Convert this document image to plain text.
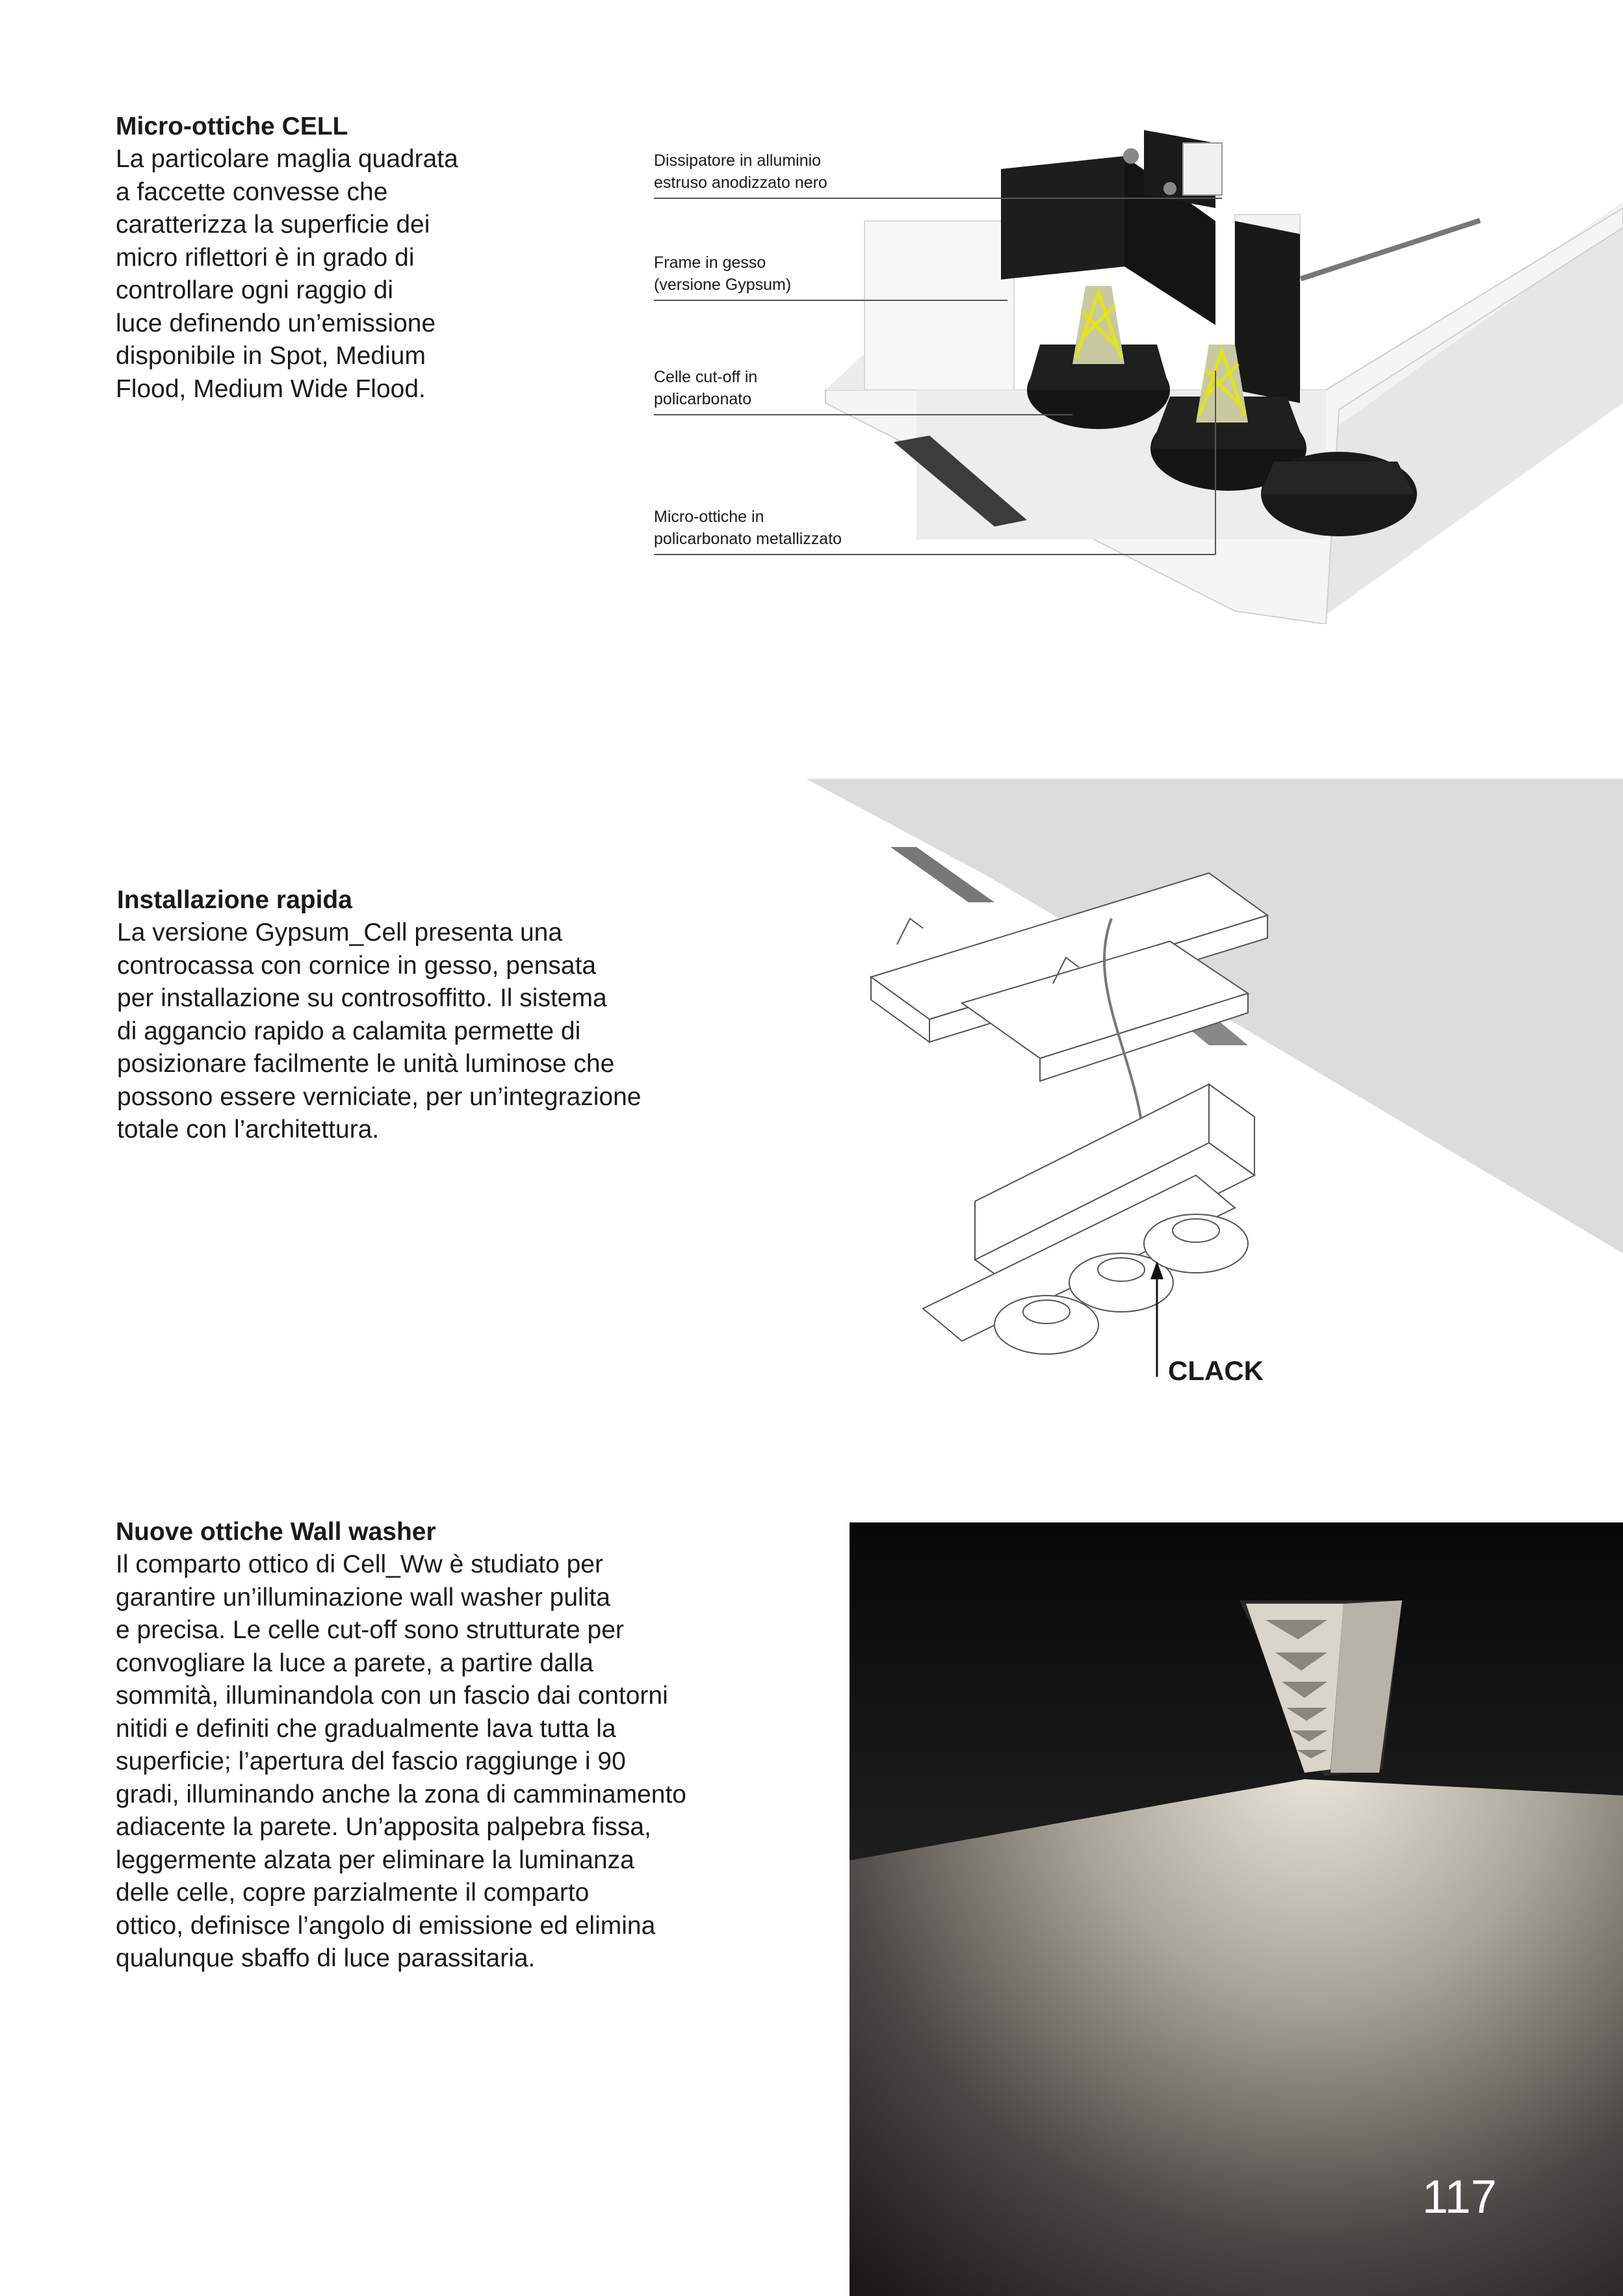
Micro-ottiche CELL

La particolare maglia quadrata
a faccette convesse che
caratterizza la superficie dei
micro riflettori è in grado di
controllare ogni raggio di
luce definendo un’emissione
disponibile in Spot, Medium
Flood, Medium Wide Flood.

Dissipatore in alluminio
estruso anodizzato nero
Frame in gesso
(versione Gypsum)
Celle cut-off in
policarbonato
Micro-ottiche in
policarbonato metallizzato
Installazione rapida

La versione Gypsum_Cell presenta una
controcassa con cornice in gesso, pensata
per installazione su controsoffitto. Il sistema
di aggancio rapido a calamita permette di
posizionare facilmente le unità luminose che
possono essere verniciate, per un’integrazione
totale con l’architettura.

CLACK
Nuove ottiche Wall washer

Il comparto ottico di Cell_Ww è studiato per
garantire un’illuminazione wall washer pulita
e precisa. Le celle cut-off sono strutturate per
convogliare la luce a parete, a partire dalla
sommità, illuminandola con un fascio dai contorni
nitidi e definiti che gradualmente lava tutta la
superficie; l’apertura del fascio raggiunge i 90
gradi, illuminando anche la zona di camminamento
adiacente la parete. Un’apposita palpebra fissa,
leggermente alzata per eliminare la luminanza
delle celle, copre parzialmente il comparto
ottico, definisce l’angolo di emissione ed elimina
qualunque sbaffo di luce parassitaria.

117
